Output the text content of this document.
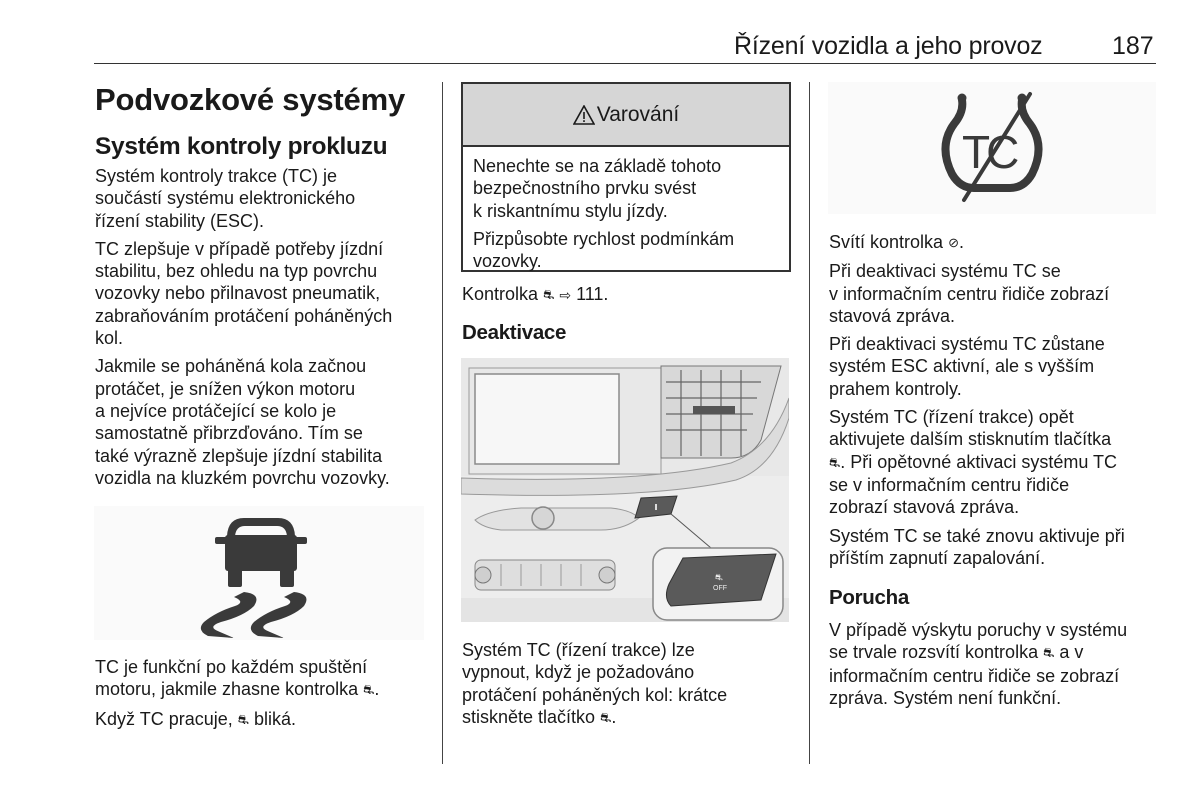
Řízení vozidla a jeho provoz	187
Podvozkové systémy
Systém kontroly prokluzu

Systém kontroly trakce (TC) je
součástí systému elektronického
řízení stability (ESC).

TC zlepšuje v případě potřeby jízdní
stabilitu, bez ohledu na typ povrchu
vozovky nebo přilnavost pneumatik,
zabraňováním protáčení poháněných
kol.

Jakmile se poháněná kola začnou
protáčet, je snížen výkon motoru
a nejvíce protáčející se kolo je
samostatně přibrzďováno. Tím se
také výrazně zlepšuje jízdní stabilita
vozidla na kluzkém povrchu vozovky.

TC je funkční po každém spuštění
motoru, jakmile zhasne kontrolka ⛐.

Když TC pracuje, ⛐ bliká.

Varování

Nenechte se na základě tohoto
bezpečnostního prvku svést
k riskantnímu stylu jízdy.

Přizpůsobte rychlost podmínkám
vozovky.

Kontrolka ⛐ ⇨ 111.

Deaktivace
⛐
OFF

Systém TC (řízení trakce) lze
vypnout, když je požadováno
protáčení poháněných kol: krátce
stiskněte tlačítko ⛐.

TC

Svítí kontrolka ⊘.

Při deaktivaci systému TC se
v informačním centru řidiče zobrazí
stavová zpráva.

Při deaktivaci systému TC zůstane
systém ESC aktivní, ale s vyšším
prahem kontroly.

Systém TC (řízení trakce) opět
aktivujete dalším stisknutím tlačítka
⛐. Při opětovné aktivaci systému TC
se v informačním centru řidiče
zobrazí stavová zpráva.

Systém TC se také znovu aktivuje při
příštím zapnutí zapalování.

Porucha

V případě výskytu poruchy v systému
se trvale rozsvítí kontrolka ⛐ a v
informačním centru řidiče se zobrazí
zpráva. Systém není funkční.
